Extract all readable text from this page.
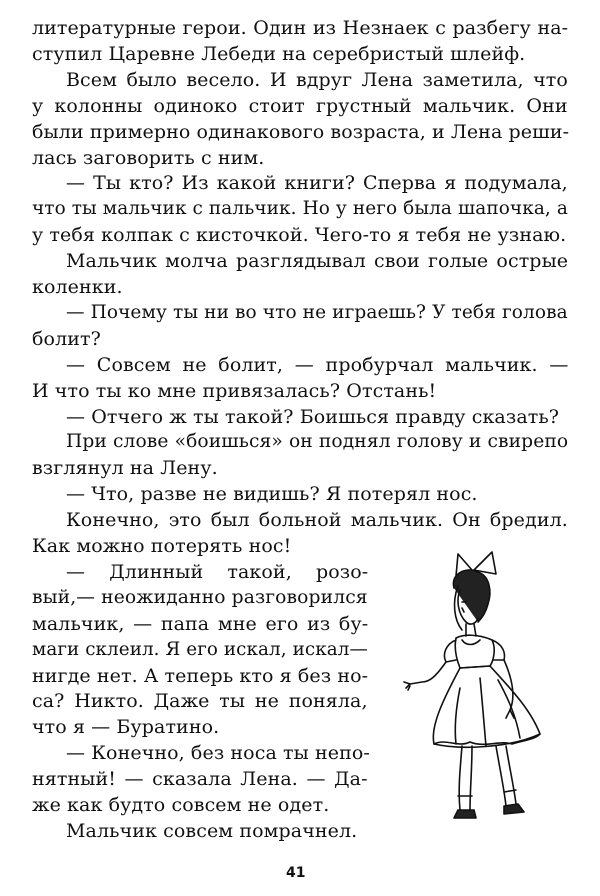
литературные герои. Один из Незнаек с разбегу на-
ступил Царевне Лебеди на серебристый шлейф.
Всем было весело. И вдруг Лена заметила, что
у колонны одиноко стоит грустный мальчик. Они
были примерно одинакового возраста, и Лена реши-
лась заговорить с ним.
— Ты кто? Из какой книги? Сперва я подумала,
что ты мальчик с пальчик. Но у него была шапочка, а
у тебя колпак с кисточкой. Чего-то я тебя не узнаю.
Мальчик молча разглядывал свои голые острые
коленки.
— Почему ты ни во что не играешь? У тебя голова
болит?
— Совсем не болит, — пробурчал мальчик. —
И что ты ко мне привязалась? Отстань!
— Отчего ж ты такой? Боишься правду сказать?
При слове «боишься» он поднял голову и свирепо
взглянул на Лену.
— Что, разве не видишь? Я потерял нос.
Конечно, это был больной мальчик. Он бредил.
Как можно потерять нос!
— Длинный такой, розо-
вый,— неожиданно разговорился
мальчик, — папа мне его из бу-
маги склеил. Я его искал, искал—
нигде нет. А теперь кто я без но-
са? Никто. Даже ты не поняла,
что я — Буратино.
— Конечно, без носа ты непо-
нятный! — сказала Лена. — Да-
же как будто совсем не одет.
Мальчик совсем помрачнел.
41
